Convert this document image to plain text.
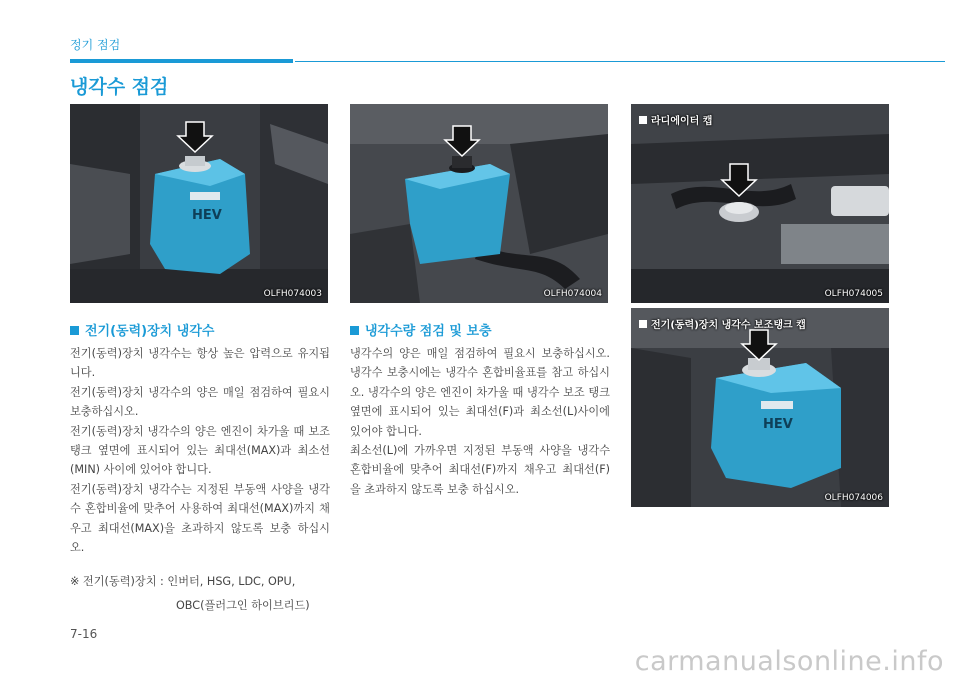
정기 점검
냉각수 점검
HEV
OLFH074003	OLFH074004
라디에이터 캡
OLFH074005
HEV
전기(동력)장치 냉각수 보조탱크 캡
OLFH074006
전기(동력)장치 냉각수

전기(동력)장치 냉각수는 항상 높은 압력으로 유지됩니다.

전기(동력)장치 냉각수의 양은 매일 점검하여 필요시 보충하십시오.

전기(동력)장치 냉각수의 양은 엔진이 차가울 때 보조탱크 옆면에 표시되어 있는 최대선(MAX)과 최소선(MIN) 사이에 있어야 합니다.

전기(동력)장치 냉각수는 지정된 부동액 사양을 냉각수 혼합비율에 맞추어 사용하여 최대선(MAX)까지 채우고 최대선(MAX)을 초과하지 않도록 보충 하십시오.

※ 전기(동력)장치 : 인버터, HSG, LDC, OPU,
OBC(플러그인 하이브리드)
냉각수량 점검 및 보충

냉각수의 양은 매일 점검하여 필요시 보충하십시오. 냉각수 보충시에는 냉각수 혼합비율표를 참고 하십시오. 냉각수의 양은 엔진이 차가울 때 냉각수 보조 탱크 옆면에 표시되어 있는 최대선(F)과 최소선(L)사이에 있어야 합니다.

최소선(L)에 가까우면 지정된 부동액 사양을 냉각수 혼합비율에 맞추어 최대선(F)까지 채우고 최대선(F)을 초과하지 않도록 보충 하십시오.

7-16
carmanualsonline.info
